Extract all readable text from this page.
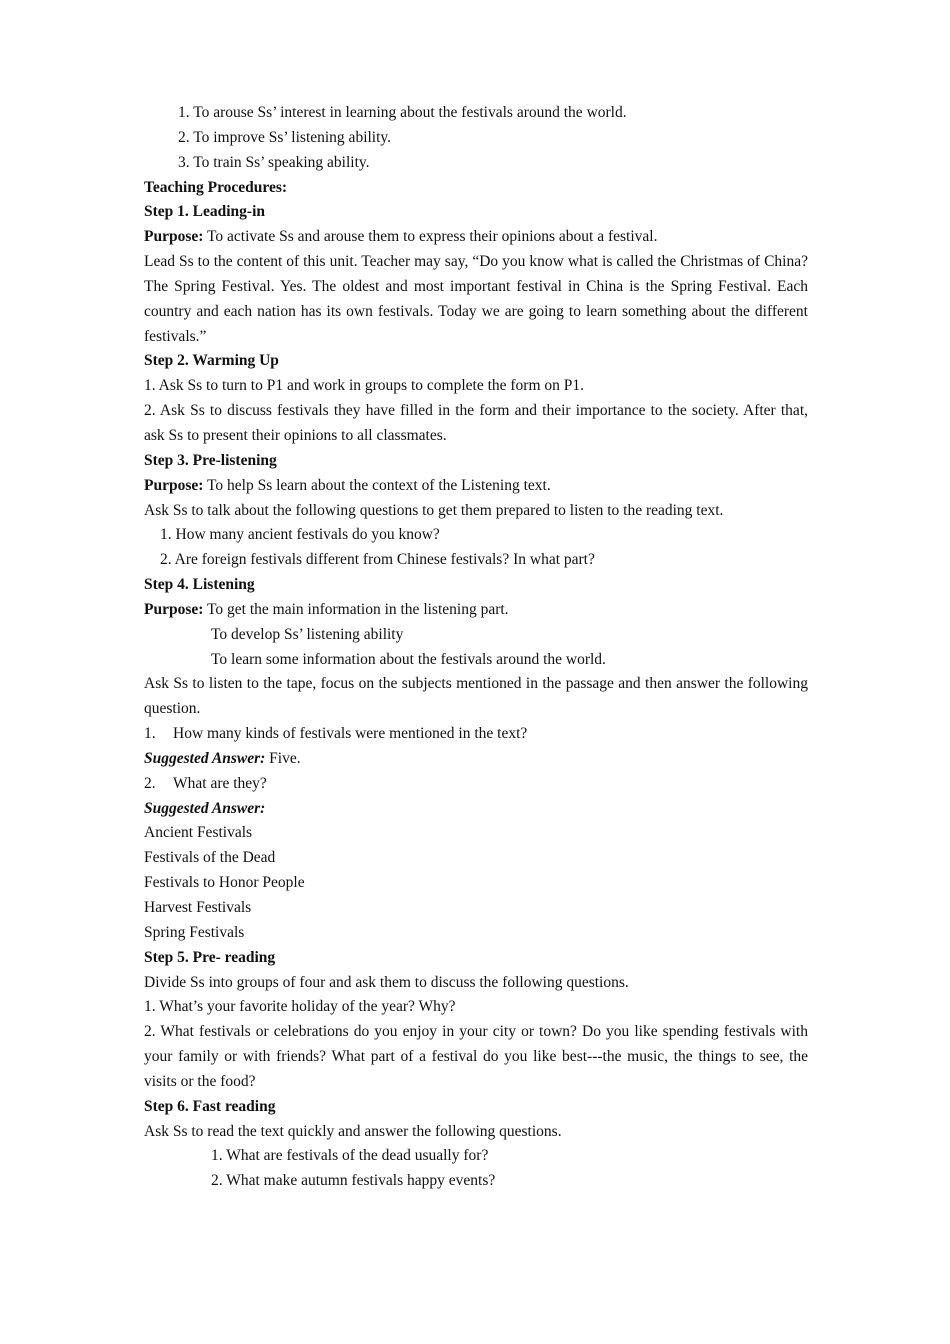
1. To arouse Ss’ interest in learning about the festivals around the world.

2. To improve Ss’ listening ability.

3. To train Ss’ speaking ability.

Teaching Procedures:

Step 1. Leading-in

Purpose: To activate Ss and arouse them to express their opinions about a festival.

Lead Ss to the content of this unit. Teacher may say, “Do you know what is called the Christmas of China? The Spring Festival. Yes. The oldest and most important festival in China is the Spring Festival. Each country and each nation has its own festivals. Today we are going to learn something about the different festivals.”

Step 2. Warming Up

1. Ask Ss to turn to P1 and work in groups to complete the form on P1.

2. Ask Ss to discuss festivals they have filled in the form and their importance to the society. After that, ask Ss to present their opinions to all classmates.

Step 3. Pre-listening

Purpose: To help Ss learn about the context of the Listening text.

Ask Ss to talk about the following questions to get them prepared to listen to the reading text.

1. How many ancient festivals do you know?

2. Are foreign festivals different from Chinese festivals? In what part?

Step 4. Listening

Purpose: To get the main information in the listening part.

To develop Ss’ listening ability

To learn some information about the festivals around the world.

Ask Ss to listen to the tape, focus on the subjects mentioned in the passage and then answer the following question.

1. How many kinds of festivals were mentioned in the text?

Suggested Answer: Five.

2. What are they?

Suggested Answer:

Ancient Festivals

Festivals of the Dead

Festivals to Honor People

Harvest Festivals

Spring Festivals

Step 5. Pre- reading

Divide Ss into groups of four and ask them to discuss the following questions.

1. What’s your favorite holiday of the year? Why?

2. What festivals or celebrations do you enjoy in your city or town? Do you like spending festivals with your family or with friends? What part of a festival do you like best---the music, the things to see, the visits or the food?

Step 6. Fast reading

Ask Ss to read the text quickly and answer the following questions.

1. What are festivals of the dead usually for?

2. What make autumn festivals happy events?
